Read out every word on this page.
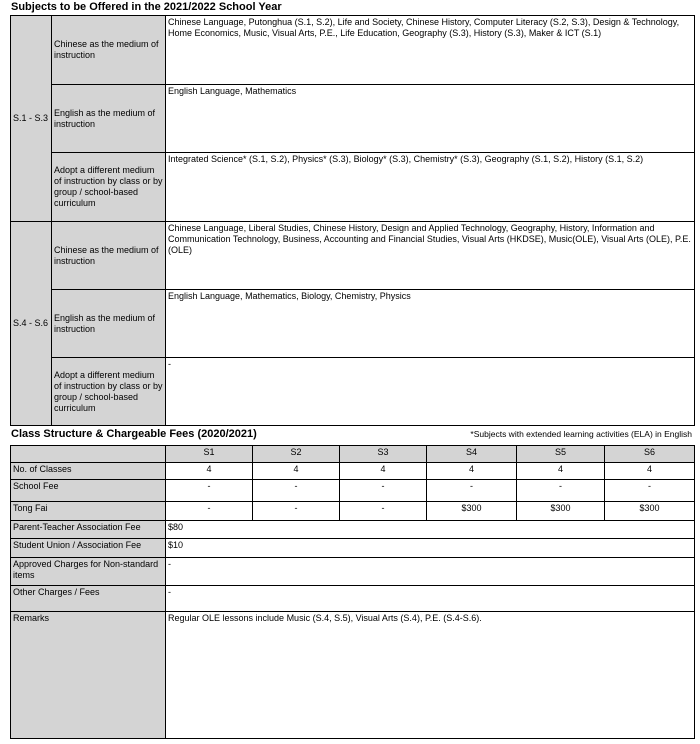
Subjects to be Offered in the 2021/2022 School Year
S.1 - S.3	Chinese as the medium of instruction	Chinese Language, Putonghua (S.1, S.2), Life and Society, Chinese History, Computer Literacy (S.2, S.3), Design & Technology, Home Economics, Music, Visual Arts, P.E., Life Education, Geography (S.3), History (S.3), Maker & ICT (S.1)
	English as the medium of instruction	English Language, Mathematics
	Adopt a different medium of instruction by class or by group / school-based curriculum	Integrated Science* (S.1, S.2), Physics* (S.3), Biology* (S.3), Chemistry* (S.3), Geography (S.1, S.2), History (S.1, S.2)
S.4 - S.6	Chinese as the medium of instruction	Chinese Language, Liberal Studies, Chinese History, Design and Applied Technology, Geography, History, Information and Communication Technology, Business, Accounting and Financial Studies, Visual Arts (HKDSE), Music(OLE), Visual Arts (OLE), P.E. (OLE)
	English as the medium of instruction	English Language, Mathematics, Biology, Chemistry, Physics
	Adopt a different medium of instruction by class or by group / school-based curriculum	-
Class Structure & Chargeable Fees (2020/2021)	*Subjects with extended learning activities (ELA) in English
	S1	S2	S3	S4	S5	S6
No. of Classes	4	4	4	4	4	4
School Fee	-	-	-	-	-	-
Tong Fai	-	-	-	$300	$300	$300
Parent-Teacher Association Fee	$80					
Student Union / Association Fee	$10					
Approved Charges for Non-standard items	-					
Other Charges / Fees	-					
Remarks	Regular OLE lessons include Music (S.4, S.5), Visual Arts (S.4), P.E. (S.4-S.6).					
